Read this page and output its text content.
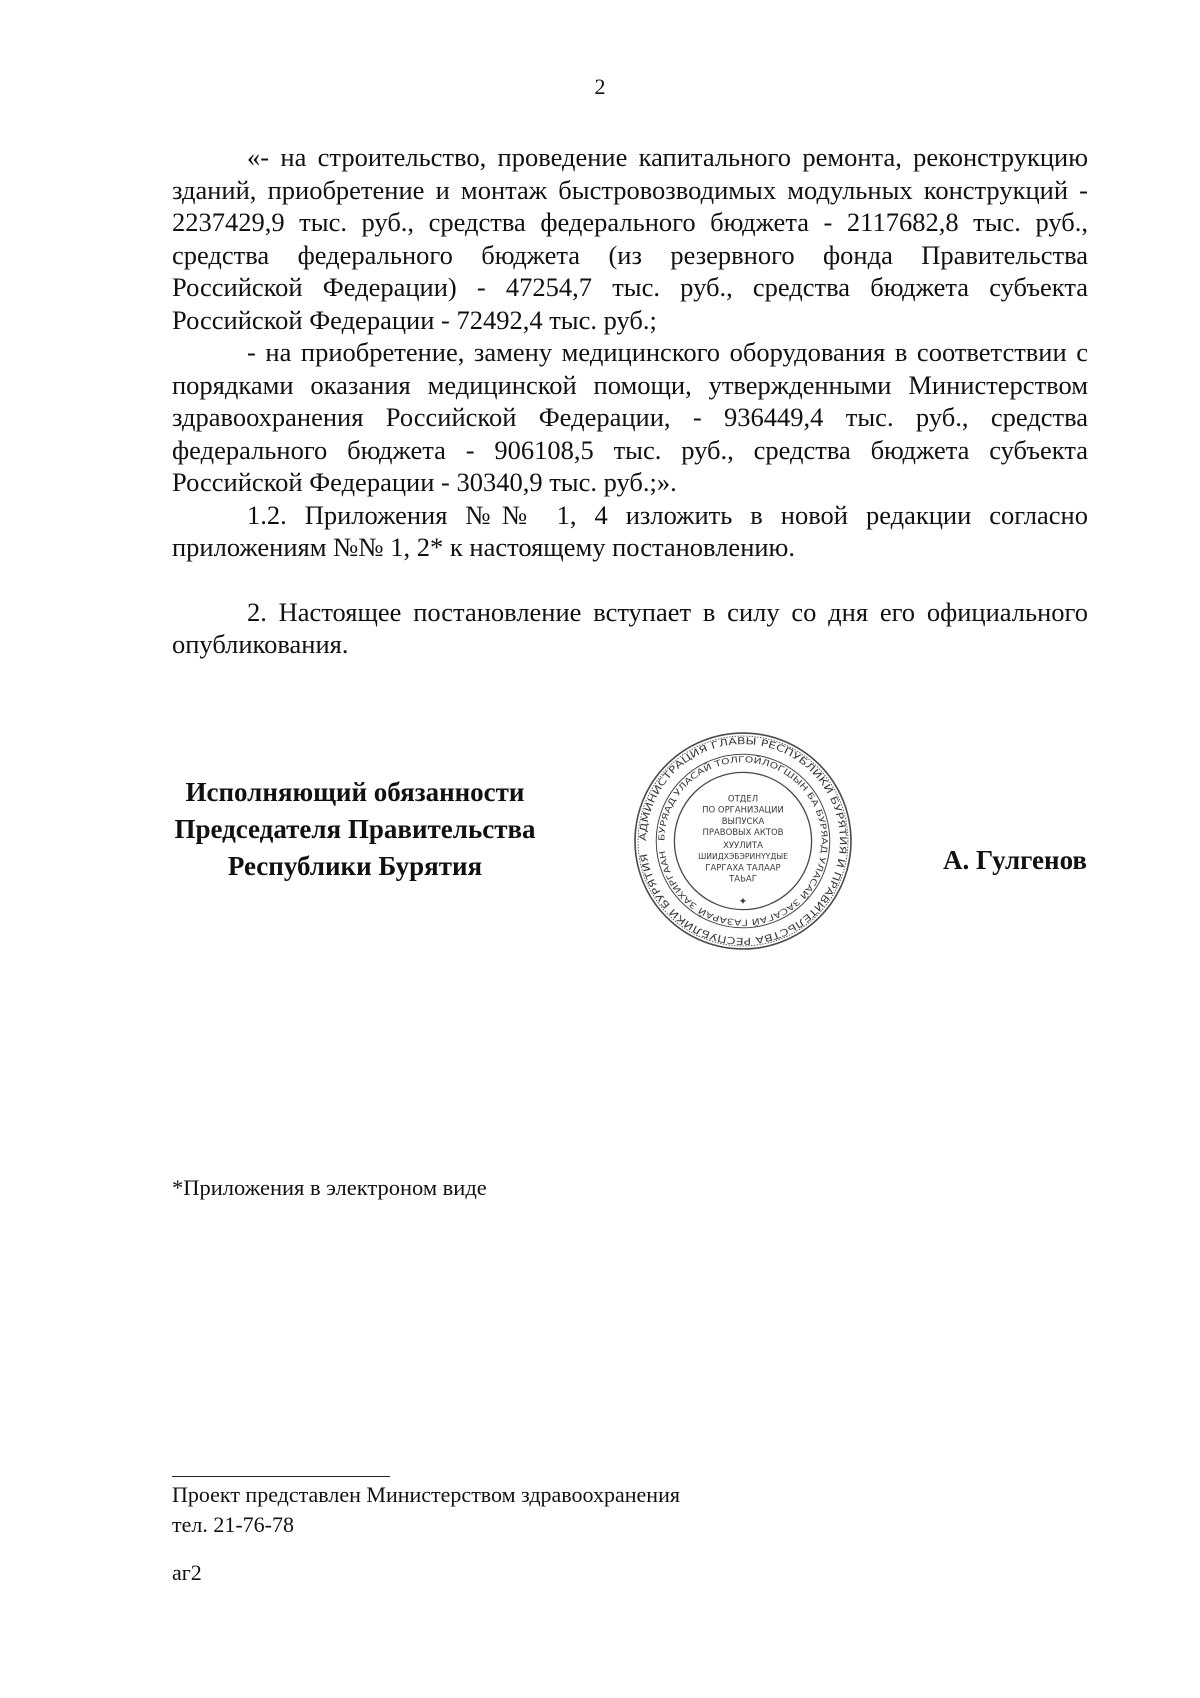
2

«- на строительство, проведение капитального ремонта, реконструкцию зданий, приобретение и монтаж быстровозводимых модульных конструкций - 2237429,9 тыс. руб., средства федерального бюджета - 2117682,8 тыс. руб., средства федерального бюджета (из резервного фонда Правительства Российской Федерации) - 47254,7 тыс. руб., средства бюджета субъекта Российской Федерации - 72492,4 тыс. руб.;

- на приобретение, замену медицинского оборудования в соответствии с порядками оказания медицинской помощи, утвержденными Министерством здравоохранения Российской Федерации, - 936449,4 тыс. руб., средства федерального бюджета - 906108,5 тыс. руб., средства бюджета субъекта Российской Федерации - 30340,9 тыс. руб.;».

1.2. Приложения №№ 1, 4 изложить в новой редакции согласно приложениям №№ 1, 2* к настоящему постановлению.

2. Настоящее постановление вступает в силу со дня его официального опубликования.

Исполняющий обязанности
Председателя Правительства
Республики Бурятия
АДМИНИСТРАЦИЯ ГЛАВЫ РЕСПУБЛИКИ БУРЯТИЯ И ПРАВИТЕЛЬСТВА РЕСПУБЛИКИ БУРЯТИЯ
БУРЯАД УЛАСАЙ ТОЛГОЙЛОГШЫН БА БУРЯАД УЛАСАЙ ЗАСАГАЙ ГАЗАРАЙ ЗАХИРГААН
ОТДЕЛ
ПО ОРГАНИЗАЦИИ
ВЫПУСКА
ПРАВОВЫХ АКТОВ
ХУУЛИТА
ШИИДХЭБЭРИНҮҮДЫЕ
ГАРГАХА ТАЛААР
ТАЬАГ
✦
А. Гулгенов
*Приложения в электроном виде
Проект представлен Министерством здравоохранения
тел. 21-76-78
аг2
